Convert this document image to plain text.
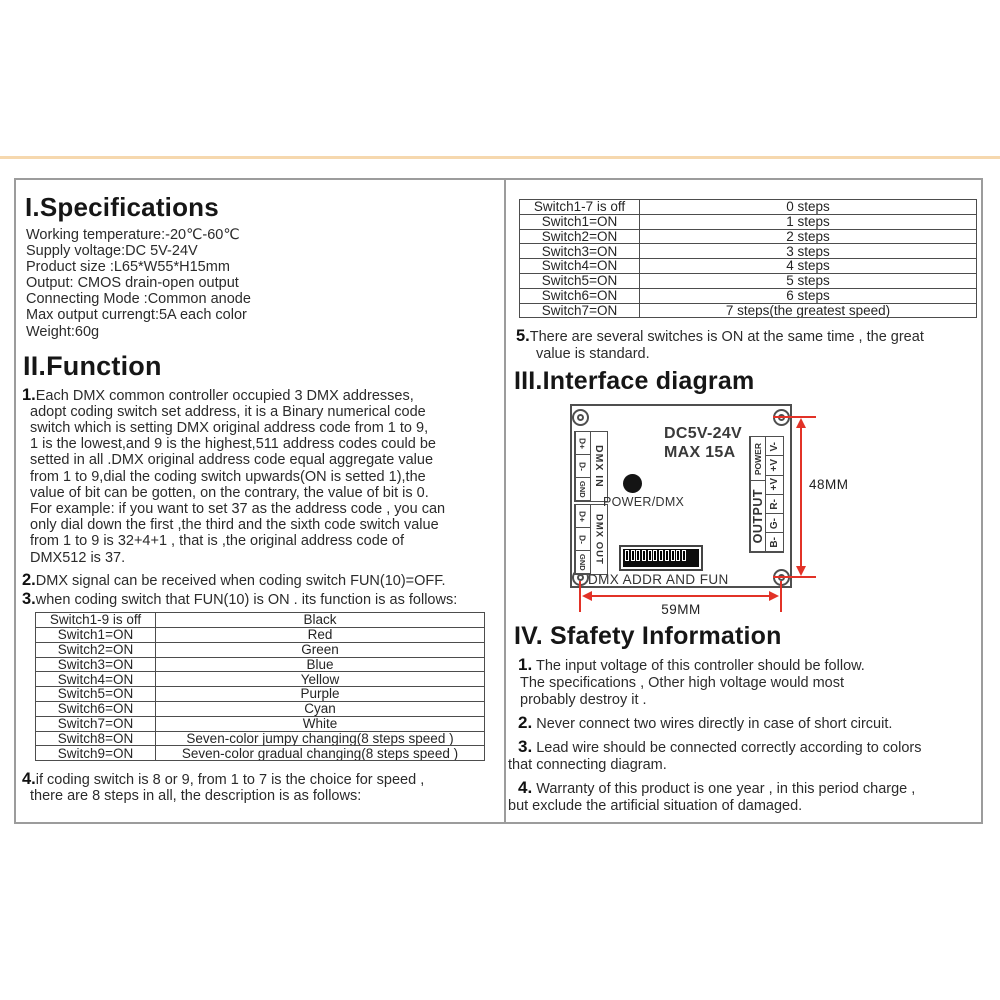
I.Specifications
Working temperature:-20℃-60℃
Supply voltage:DC 5V-24V
Product size :L65*W55*H15mm
Output: CMOS drain-open output
Connecting Mode :Common anode
Max output currengt:5A each color
Weight:60g
II.Function
1.Each DMX common controller occupied 3 DMX addresses,
adopt coding switch set address, it is a Binary numerical code
switch which is setting DMX original address code from 1 to 9,
1 is the lowest,and 9 is the highest,511 address codes could be
setted in all .DMX original address code equal aggregate value
from 1 to 9,dial the coding switch upwards(ON is setted 1),the
value of bit can be gotten, on the contrary, the value of bit is 0.
For example: if you want to set 37 as the address code , you can
only dial down the first ,the third and the sixth code switch value
from 1 to 9 is 32+4+1 , that is ,the original address code of
DMX512 is 37.
2.DMX signal can be received when coding switch FUN(10)=OFF.
3.when coding switch that FUN(10) is ON . its function is as follows:
Switch1-9 is off	Black
Switch1=ON	Red
Switch2=ON	Green
Switch3=ON	Blue
Switch4=ON	Yellow
Switch5=ON	Purple
Switch6=ON	Cyan
Switch7=ON	White
Switch8=ON	Seven-color jumpy changing(8 steps speed )
Switch9=ON	Seven-color gradual changing(8 steps speed )
4.if coding switch is 8 or 9, from 1 to 7 is the choice for speed ,
there are 8 steps in all, the description is as follows:
Switch1-7 is off	0 steps
Switch1=ON	1 steps
Switch2=ON	2 steps
Switch3=ON	3 steps
Switch4=ON	4 steps
Switch5=ON	5 steps
Switch6=ON	6 steps
Switch7=ON	7 steps(the greatest speed)
5.There are several switches is ON at the same time , the great
value is standard.
III.Interface diagram
D+
D-
GND
DMX IN
D+
D-
GND DMX OUT
DC5V-24V
MAX 15A
POWER/DMX
DMX ADDR AND FUN
POWER
OUTPUT
V-
+V
+V
R-
G-
B-
48MM
59MM
IV. Sfafety Information
1. The input voltage of this controller should be follow.
The specifications , Other high voltage would most
probably destroy it .
2. Never connect two wires directly in case of short circuit.
3. Lead wire should be connected correctly according to colors
that connecting diagram.
4. Warranty of this product is one year , in this period charge ,
but exclude the artificial situation of damaged.
